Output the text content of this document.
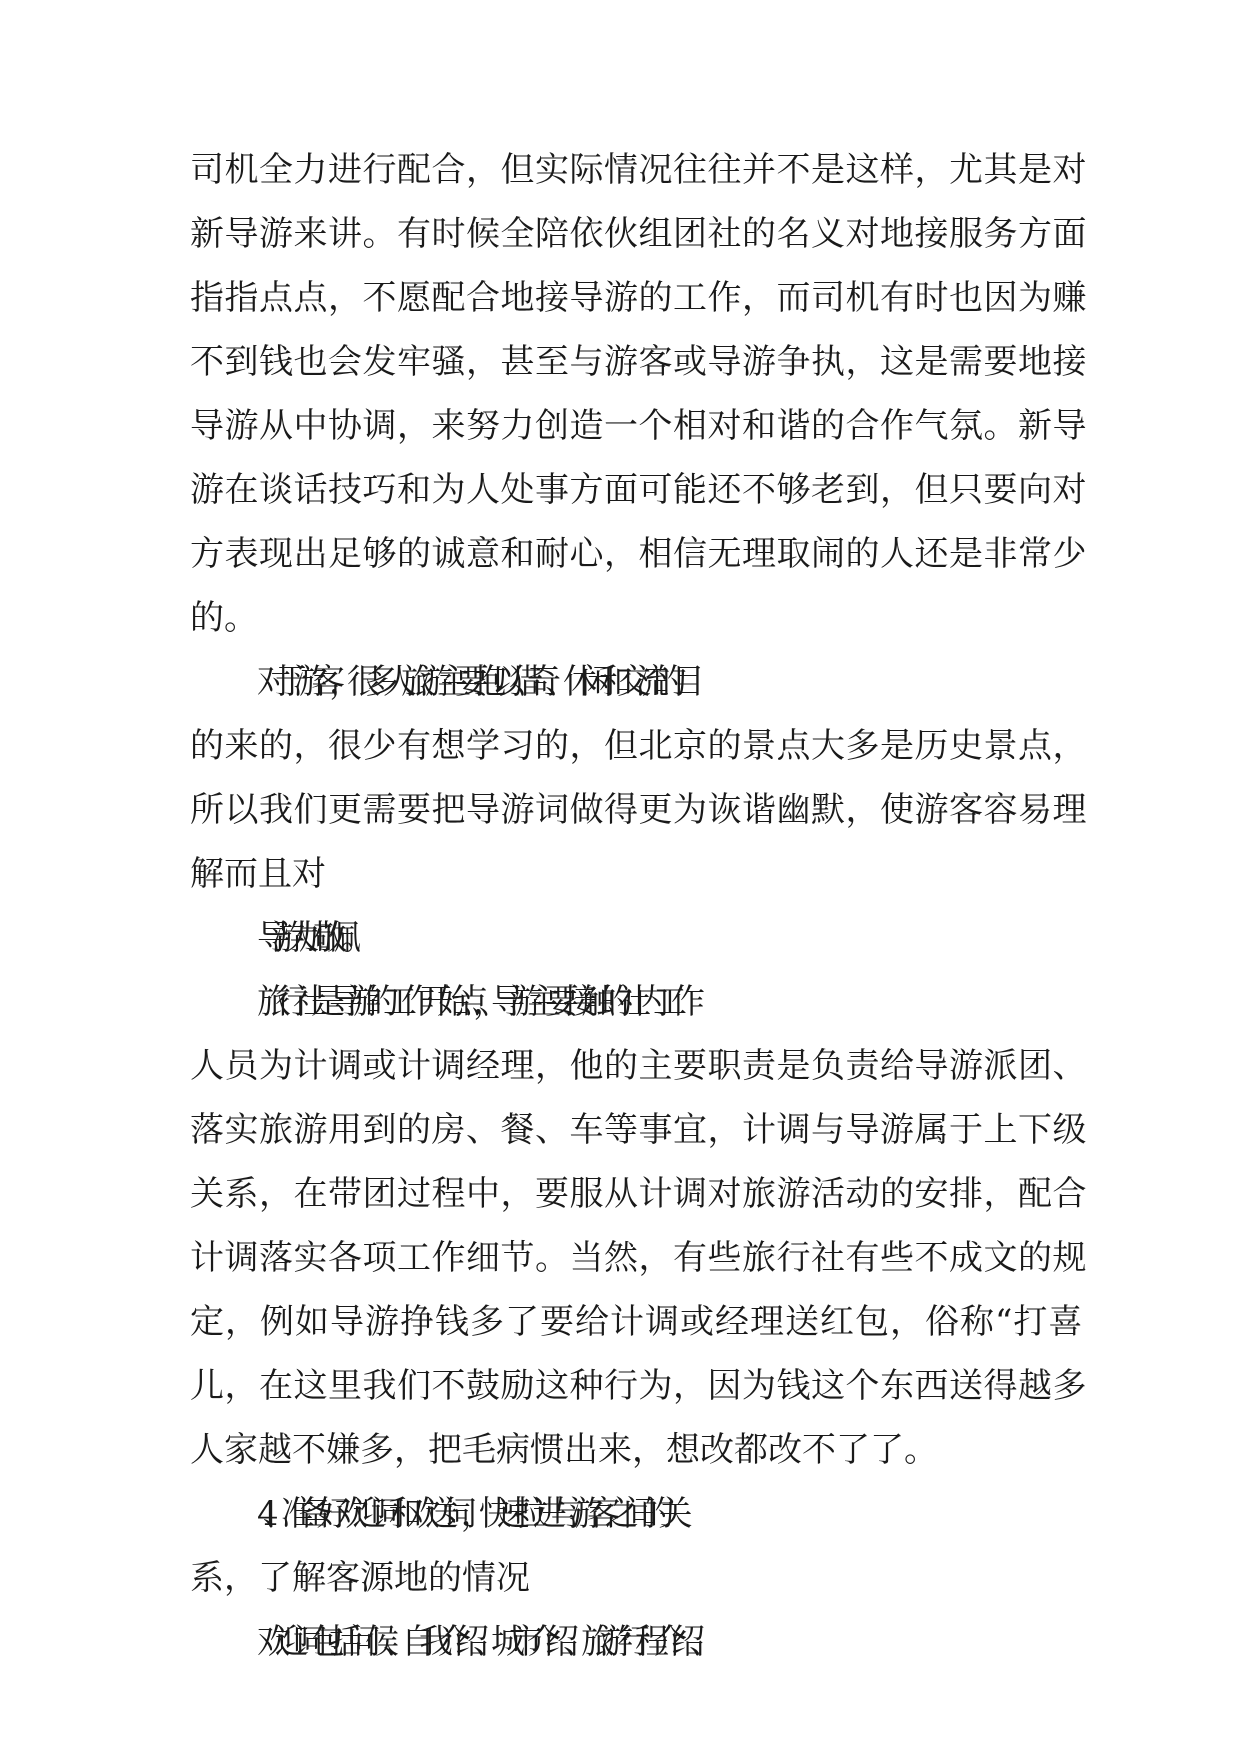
司机全力进行配合，但实际情况往往并不是这样，尤其是对
新导游来讲。有时候全陪依伙组团社的名义对地接服务方面
指指点点，不愿配合地接导游的工作，而司机有时也因为赚
不到钱也会发牢骚，甚至与游客或导游争执，这是需要地接
导游从中协调，来努力创造一个相对和谐的合作气氛。新导
游在谈话技巧和为人处事方面可能还不够老到，但只要向对
方表现出足够的诚意和耐心，相信无理取闹的人还是非常少
的。
对于游客，很多人旅游主要抱以猎奇、休闲和交流的目
的来的，很少有想学习的，但北京的景点大多是历史景点，
所以我们更需要把导游词做得更为诙谐幽默，使游客容易理
解而且对
导游大加敬佩。
旅行社是导游的工作开始点，导游主要接触的社内工作
人员为计调或计调经理，他的主要职责是负责给导游派团、
落实旅游用到的房、餐、车等事宜，计调与导游属于上下级
关系，在带团过程中，要服从计调对旅游活动的安排，配合
计调落实各项工作细节。当然，有些旅行社有些不成文的规
定，例如导游挣钱多了要给计调或经理送红包，俗称“打喜
儿，在这里我们不鼓励这种行为，因为钱这个东西送得越多
人家越不嫌多，把毛病惯出来，想改都改不了了。
4、准备好欢迎词和欢送词，快速拉进与游客之间的关
系，了解客源地的情况
欢迎词包括问候、自我介绍、城市介绍、旅游行程介绍、
